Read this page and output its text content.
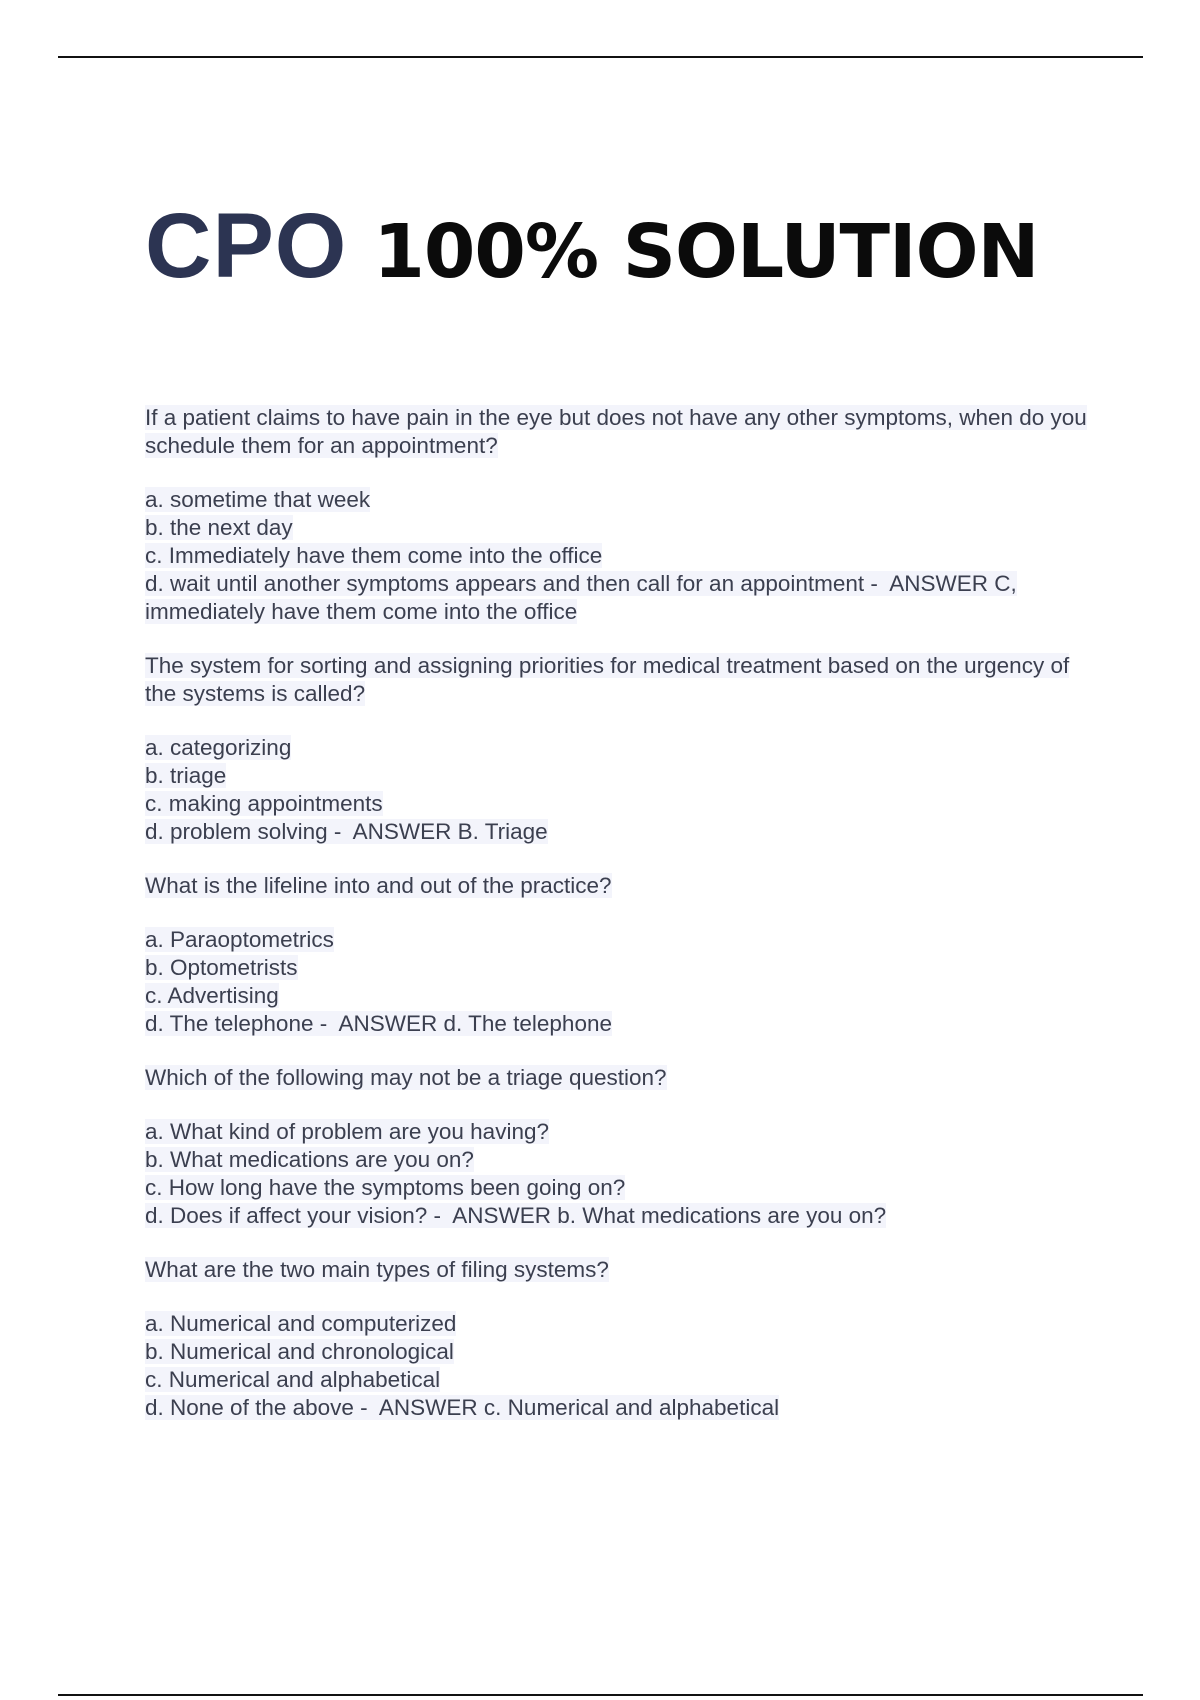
CPO 100% SOLUTION

If a patient claims to have pain in the eye but does not have any other symptoms, when do you schedule them for an appointment?

a. sometime that week
b. the next day
c. Immediately have them come into the office
d. wait until another symptoms appears and then call for an appointment -  ANSWER C, immediately have them come into the office

The system for sorting and assigning priorities for medical treatment based on the urgency of the systems is called?

a. categorizing
b. triage
c. making appointments
d. problem solving -  ANSWER B. Triage

What is the lifeline into and out of the practice?

a. Paraoptometrics
b. Optometrists
c. Advertising
d. The telephone -  ANSWER d. The telephone

Which of the following may not be a triage question?

a. What kind of problem are you having?
b. What medications are you on?
c. How long have the symptoms been going on?
d. Does if affect your vision? -  ANSWER b. What medications are you on?

What are the two main types of filing systems?

a. Numerical and computerized
b. Numerical and chronological
c. Numerical and alphabetical
d. None of the above -  ANSWER c. Numerical and alphabetical
